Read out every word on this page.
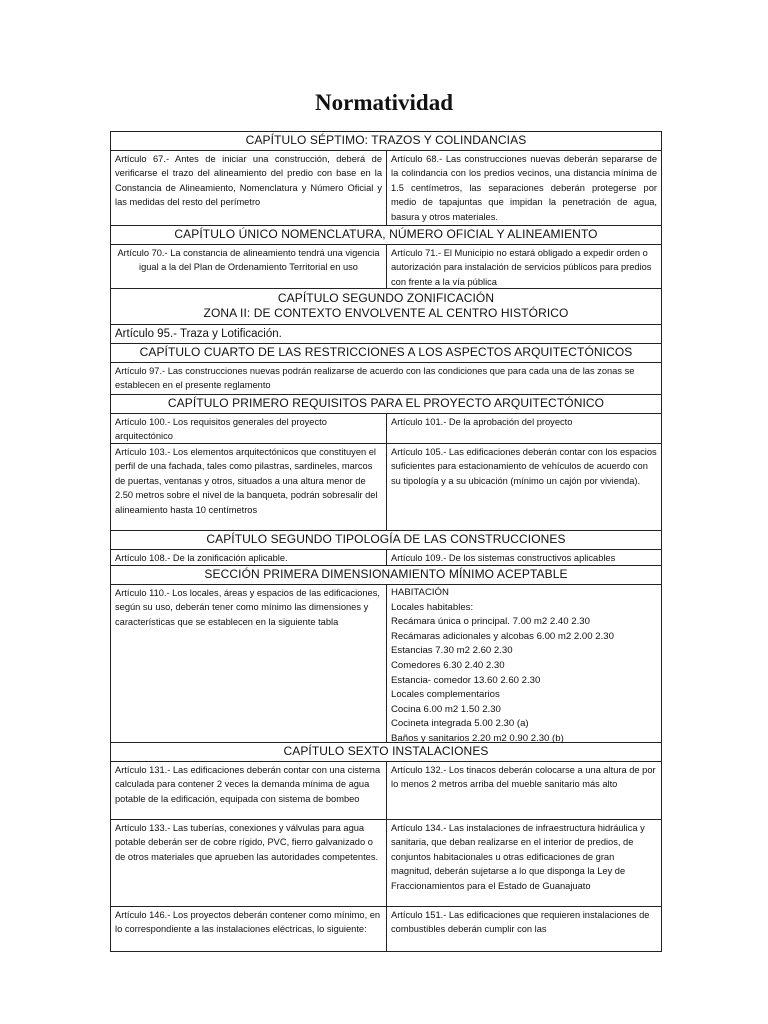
Normatividad
CAPÍTULO SÉPTIMO: TRAZOS Y COLINDANCIAS
Artículo 67.- Antes de iniciar una construcción, deberá de verificarse el trazo del alineamiento del predio con base en la Constancia de Alineamiento, Nomenclatura y Número Oficial y las medidas del resto del perímetro
Artículo 68.- Las construcciones nuevas deberán separarse de la colindancia con los predios vecinos, una distancia mínima de 1.5 centímetros, las separaciones deberán protegerse por medio de tapajuntas que impidan la penetración de agua, basura y otros materiales.
CAPÍTULO ÚNICO NOMENCLATURA, NÚMERO OFICIAL Y ALINEAMIENTO
Artículo 70.- La constancia de alineamiento tendrá una vigencia igual a la del Plan de Ordenamiento Territorial en uso
Artículo 71.- El Municipio no estará obligado a expedir orden o autorización para instalación de servicios públicos para predios con frente a la vía pública
CAPÍTULO SEGUNDO ZONIFICACIÓN
ZONA II: DE CONTEXTO ENVOLVENTE AL CENTRO HISTÓRICO
Artículo 95.- Traza y Lotificación.
CAPÍTULO CUARTO DE LAS RESTRICCIONES A LOS ASPECTOS ARQUITECTÓNICOS
Artículo 97.- Las construcciones nuevas podrán realizarse de acuerdo con las condiciones que para cada una de las zonas se establecen en el presente reglamento
CAPÍTULO PRIMERO REQUISITOS PARA EL PROYECTO ARQUITECTÓNICO
Artículo 100.- Los requisitos generales del proyecto arquitectónico
Artículo 101.- De la aprobación del proyecto
Artículo 103.- Los elementos arquitectónicos que constituyen el perfil de una fachada, tales como pilastras, sardineles, marcos de puertas, ventanas y otros, situados a una altura menor de 2.50 metros sobre el nivel de la banqueta, podrán sobresalir del alineamiento hasta 10 centímetros
Artículo 105.- Las edificaciones deberán contar con los espacios suficientes para estacionamiento de vehículos de acuerdo con su tipología y a su ubicación (mínimo un cajón por vivienda).
CAPÍTULO SEGUNDO TIPOLOGÍA DE LAS CONSTRUCCIONES
Artículo 108.- De la zonificación aplicable.	Artículo 109.- De los sistemas constructivos aplicables
SECCIÓN PRIMERA DIMENSIONAMIENTO MÍNIMO ACEPTABLE
Artículo 110.- Los locales, áreas y espacios de las edificaciones, según su uso, deberán tener como mínimo las dimensiones y características que se establecen en la siguiente tabla
HABITACIÓN
Locales habitables:
Recámara única o principal. 7.00 m2 2.40 2.30
Recámaras adicionales y alcobas 6.00 m2 2.00 2.30
Estancias 7.30 m2 2.60 2.30
Comedores 6.30 2.40 2.30
Estancia- comedor 13.60 2.60 2.30
Locales complementarios
Cocina 6.00 m2 1.50 2.30
Cocineta integrada 5.00 2.30 (a)
Baños y sanitarios 2.20 m2 0.90 2.30 (b)
CAPÍTULO SEXTO INSTALACIONES
Artículo 131.- Las edificaciones deberán contar con una cisterna calculada para contener 2 veces la demanda mínima de agua potable de la edificación, equipada con sistema de bombeo
Artículo 132.- Los tinacos deberán colocarse a una altura de por lo menos 2 metros arriba del mueble sanitario más alto
Artículo 133.- Las tuberías, conexiones y válvulas para agua potable deberán ser de cobre rígido, PVC, fierro galvanizado o de otros materiales que aprueben las autoridades competentes.
Artículo 134.- Las instalaciones de infraestructura hidráulica y sanitaria, que deban realizarse en el interior de predios, de conjuntos habitacionales u otras edificaciones de gran magnitud, deberán sujetarse a lo que disponga la Ley de Fraccionamientos para el Estado de Guanajuato
Artículo 146.- Los proyectos deberán contener como mínimo, en lo correspondiente a las instalaciones eléctricas, lo siguiente:
Artículo 151.- Las edificaciones que requieren instalaciones de combustibles deberán cumplir con las
